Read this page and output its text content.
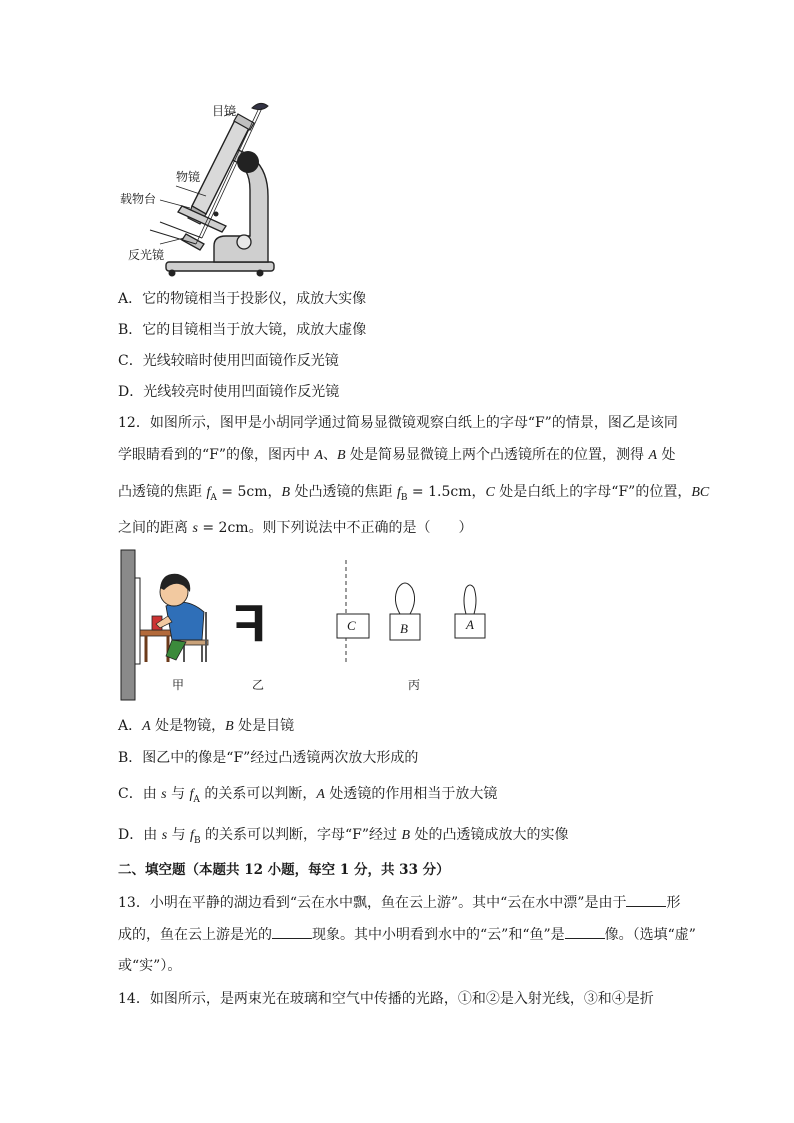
目镜
物镜
载物台
反光镜
A．它的物镜相当于投影仪，成放大实像
B．它的目镜相当于放大镜，成放大虚像
C．光线较暗时使用凹面镜作反光镜
D．光线较亮时使用凹面镜作反光镜
12．如图所示，图甲是小胡同学通过简易显微镜观察白纸上的字母“F”的情景，图乙是该同
学眼睛看到的“F”的像，图丙中 A、B 处是简易显微镜上两个凸透镜所在的位置，测得 A 处
凸透镜的焦距 $f_A = 5cm$，B 处凸透镜的焦距 $f_B = 1.5cm$，C 处是白纸上的字母“F”的位置，BC
之间的距离 s = 2cm。则下列说法中不正确的是（　　）
F	C	B	A
甲	乙	丙
A．A 处是物镜，B 处是目镜
B．图乙中的像是“F”经过凸透镜两次放大形成的
C．由 s 与 $f_A$ 的关系可以判断，A 处透镜的作用相当于放大镜
D．由 s 与 $f_B$ 的关系可以判断，字母“F”经过 B 处的凸透镜成放大的实像
二、填空题（本题共 12 小题，每空 1 分，共 33 分）
13．小明在平静的湖边看到“云在水中飘，鱼在云上游”。其中“云在水中漂”是由于	形
成的，鱼在云上游是光的	现象。其中小明看到水中的“云”和“鱼”是	像。（选填“虚”
或“实”）。
14．如图所示，是两束光在玻璃和空气中传播的光路，①和②是入射光线，③和④是折
